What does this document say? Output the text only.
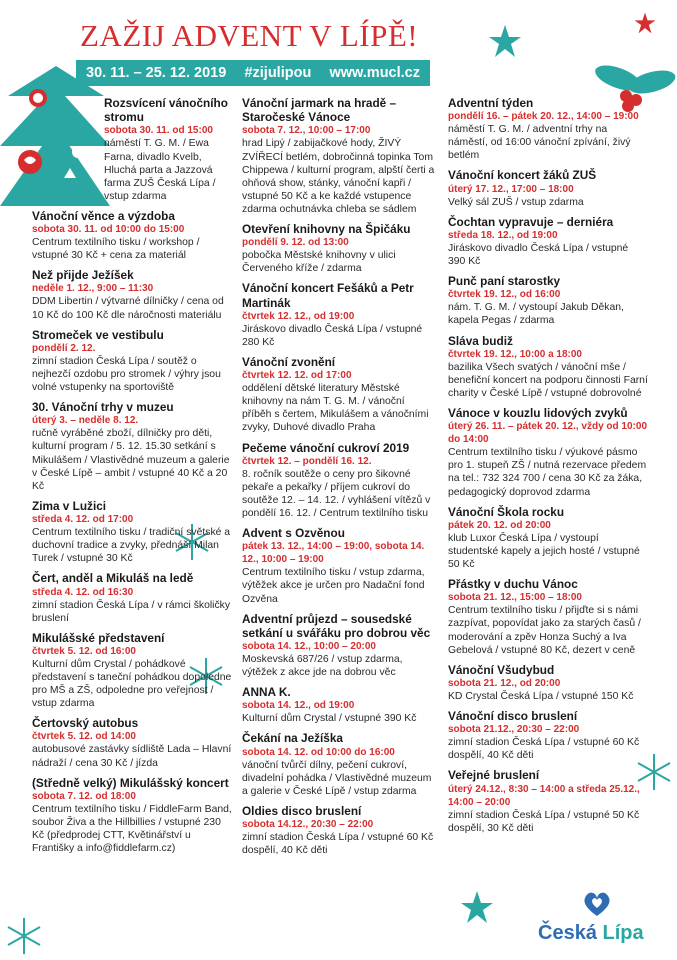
ZAŽIJ ADVENT V LÍPĚ!
30. 11. – 25. 12. 2019 #zijulipou www.mucl.cz
Rozsvícení vánočního stromu
sobota 30. 11. od 15:00
náměstí T. G. M. / Ewa Farna, divadlo Kvelb, Hluchá parta a Jazzová farma ZUŠ Česká Lípa / vstup zdarma
Vánoční věnce a výzdoba
sobota 30. 11. od 10:00 do 15:00
Centrum textilního tisku / workshop / vstupné 30 Kč + cena za materiál
Než přijde Ježíšek
neděle 1. 12., 9:00 – 11:30
DDM Libertin / výtvarné dílničky / cena od 10 Kč do 100 Kč dle náročnosti materiálu
Stromeček ve vestibulu
pondělí 2. 12.
zimní stadion Česká Lípa / soutěž o nejhezčí ozdobu pro stromek / výhry jsou volné vstupenky na sportoviště
30. Vánoční trhy v muzeu
úterý 3. – neděle 8. 12.
ručně vyráběné zboží, dílničky pro děti, kulturní program / 5. 12. 15.30 setkání s Mikulášem / Vlastivědné muzeum a galerie v České Lípě – ambit / vstupné 40 Kč a 20 Kč
Zima v Lužici
středa 4. 12. od 17:00
Centrum textilního tisku / tradiční světské a duchovní tradice a zvyky, přednáší Milan Turek / vstupné 30 Kč
Čert, anděl a Mikuláš na ledě
středa 4. 12. od 16:30
zimní stadion Česká Lípa / v rámci školičky bruslení
Mikulášské představení
čtvrtek 5. 12. od 16:00
Kulturní dům Crystal / pohádkové představení s taneční pohádkou dopoledne pro MŠ a ZŠ, odpoledne pro veřejnost / vstup zdarma
Čertovský autobus
čtvrtek 5. 12. od 14:00
autobusové zastávky sídliště Lada – Hlavní nádraží / cena 30 Kč / jízda
(Středně velký) Mikulášský koncert
sobota 7. 12. od 18:00
Centrum textilního tisku / FiddleFarm Band, soubor Živa a the Hillbillies / vstupné 230 Kč (předprodej CTT, Květinářství u Františky a info@fiddlefarm.cz)
Vánoční jarmark na hradě – Staročeské Vánoce
sobota 7. 12., 10:00 – 17:00
hrad Lipý / zabijačkové hody, ŽIVÝ ZVÍŘECÍ betlém, dobročinná topinka Tom Chippewa / kulturní program, alpští čerti a ohňová show, stánky, vánoční kapři / vstupné 50 Kč a ke každé vstupence zdarma ochutnávka chleba se sádlem
Otevření knihovny na Špičáku
pondělí 9. 12. od 13:00
pobočka Městské knihovny v ulici Červeného kříže / zdarma
Vánoční koncert Fešáků a Petr Martinák
čtvrtek 12. 12., od 19:00
Jiráskovo divadlo Česká Lípa / vstupné 280 Kč
Vánoční zvonění
čtvrtek 12. 12. od 17:00
oddělení dětské literatury Městské knihovny na nám T. G. M. / vánoční příběh s čertem, Mikulášem a vánočními zvyky, Duhové divadlo Praha
Pečeme vánoční cukroví 2019
čtvrtek 12. – pondělí 16. 12.
8. ročník soutěže o ceny pro šikovné pekaře a pekařky / příjem cukroví do soutěže 12. – 14. 12. / vyhlášení vítězů v pondělí 16. 12. / Centrum textilního tisku
Advent s Ozvěnou
pátek 13. 12., 14:00 – 19:00, sobota 14. 12., 10:00 – 19:00
Centrum textilního tisku / vstup zdarma, výtěžek akce je určen pro Nadační fond Ozvěna
Adventní průjezd – sousedské setkání u svářáku pro dobrou věc
sobota 14. 12., 10:00 – 20:00
Moskevská 687/26 / vstup zdarma, výtěžek z akce jde na dobrou věc
ANNA K.
sobota 14. 12., od 19:00
Kulturní dům Crystal / vstupné 390 Kč
Čekání na Ježíška
sobota 14. 12. od 10:00 do 16:00
vánoční tvůrčí dílny, pečení cukroví, divadelní pohádka / Vlastivědné muzeum a galerie v České Lípě / vstup zdarma
Oldies disco bruslení
sobota 14.12., 20:30 – 22:00
zimní stadion Česká Lípa / vstupné 60 Kč dospělí, 40 Kč děti
Adventní týden
pondělí 16. – pátek 20. 12., 14:00 – 19:00
náměstí T. G. M. / adventní trhy na náměstí, od 16:00 vánoční zpívání, živý betlém
Vánoční koncert žáků ZUŠ
úterý 17. 12., 17:00 – 18:00
Velký sál ZUŠ / vstup zdarma
Čochtan vypravuje – derniéra
středa 18. 12., od 19:00
Jiráskovo divadlo Česká Lípa / vstupné 390 Kč
Punč paní starostky
čtvrtek 19. 12., od 16:00
nám. T. G. M. / vystoupí Jakub Děkan, kapela Pegas / zdarma
Sláva budiž
čtvrtek 19. 12., 10:00 a 18:00
bazilika Všech svatých / vánoční mše / benefiční koncert na podporu činnosti Farní charity v České Lípě / vstupné dobrovolné
Vánoce v kouzlu lidových zvyků
úterý 26. 11. – pátek 20. 12., vždy od 10:00 do 14:00
Centrum textilního tisku / výukové pásmo pro 1. stupeň ZŠ / nutná rezervace předem na tel.: 732 324 700 / cena 30 Kč za žáka, pedagogický doprovod zdarma
Vánoční Škola rocku
pátek 20. 12. od 20:00
klub Luxor Česká Lípa / vystoupí studentské kapely a jejich hosté / vstupné 50 Kč
Přástky v duchu Vánoc
sobota 21. 12., 15:00 – 18:00
Centrum textilního tisku / přijďte si s námi zazpívat, popovídat jako za starých časů / moderování a zpěv Honza Suchý a Iva Gebelová / vstupné 80 Kč, dezert v ceně
Vánoční Všudybud
sobota 21. 12., od 20:00
KD Crystal Česká Lípa / vstupné 150 Kč
Vánoční disco bruslení
sobota 21.12., 20:30 – 22:00
zimní stadion Česká Lípa / vstupné 60 Kč dospělí, 40 Kč děti
Veřejné bruslení
úterý 24.12., 8:30 – 14:00 a středa 25.12., 14:00 – 20:00
zimní stadion Česká Lípa / vstupné 50 Kč dospělí, 30 Kč děti
Česká Lípa
